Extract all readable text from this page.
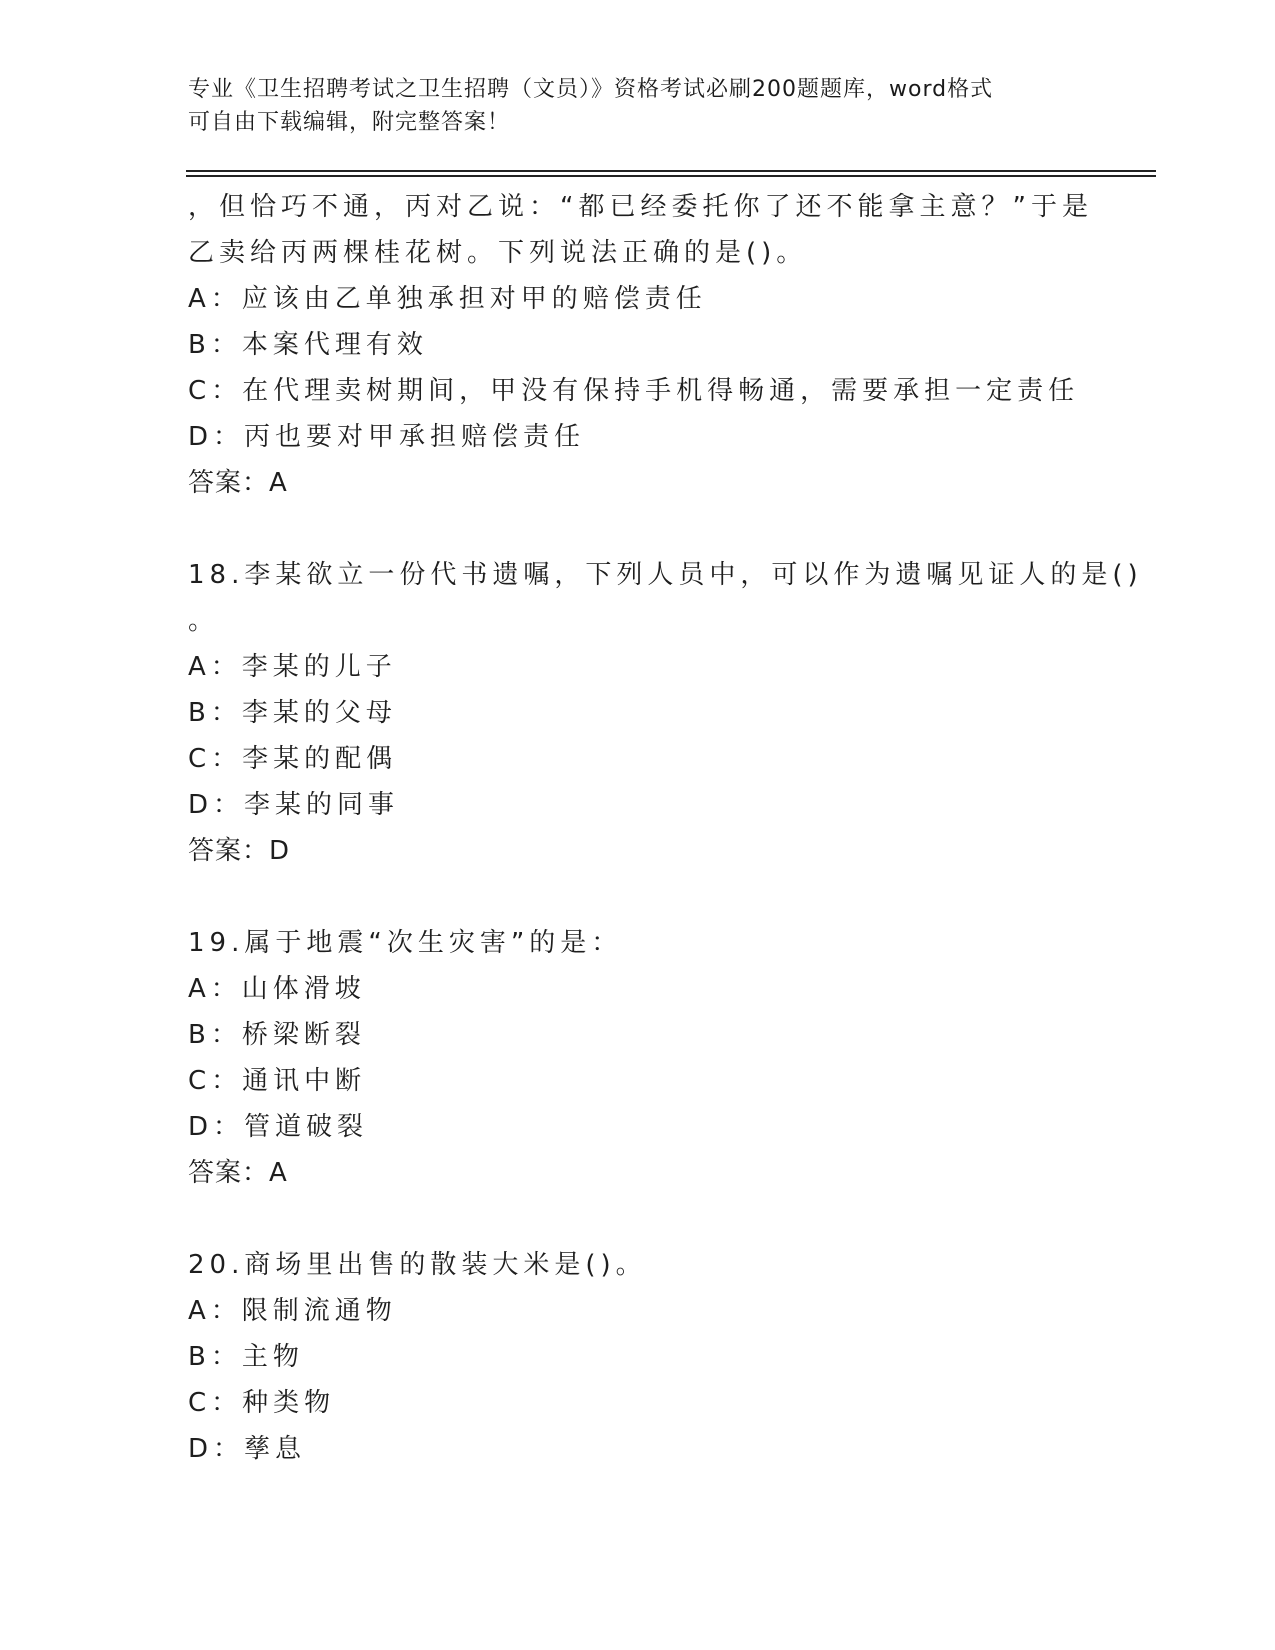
专业《卫生招聘考试之卫生招聘（文员）》资格考试必刷200题题库，word格式
可自由下载编辑，附完整答案！
，但恰巧不通，丙对乙说：“都已经委托你了还不能拿主意？”于是
乙卖给丙两棵桂花树。下列说法正确的是()。
A：应该由乙单独承担对甲的赔偿责任
B：本案代理有效
C：在代理卖树期间，甲没有保持手机得畅通，需要承担一定责任
D：丙也要对甲承担赔偿责任
答案：A
18.李某欲立一份代书遗嘱，下列人员中，可以作为遗嘱见证人的是()
。
A：李某的儿子
B：李某的父母
C：李某的配偶
D：李某的同事
答案：D
19.属于地震“次生灾害”的是：
A：山体滑坡
B：桥梁断裂
C：通讯中断
D：管道破裂
答案：A
20.商场里出售的散装大米是()。
A：限制流通物
B：主物
C：种类物
D：孳息
